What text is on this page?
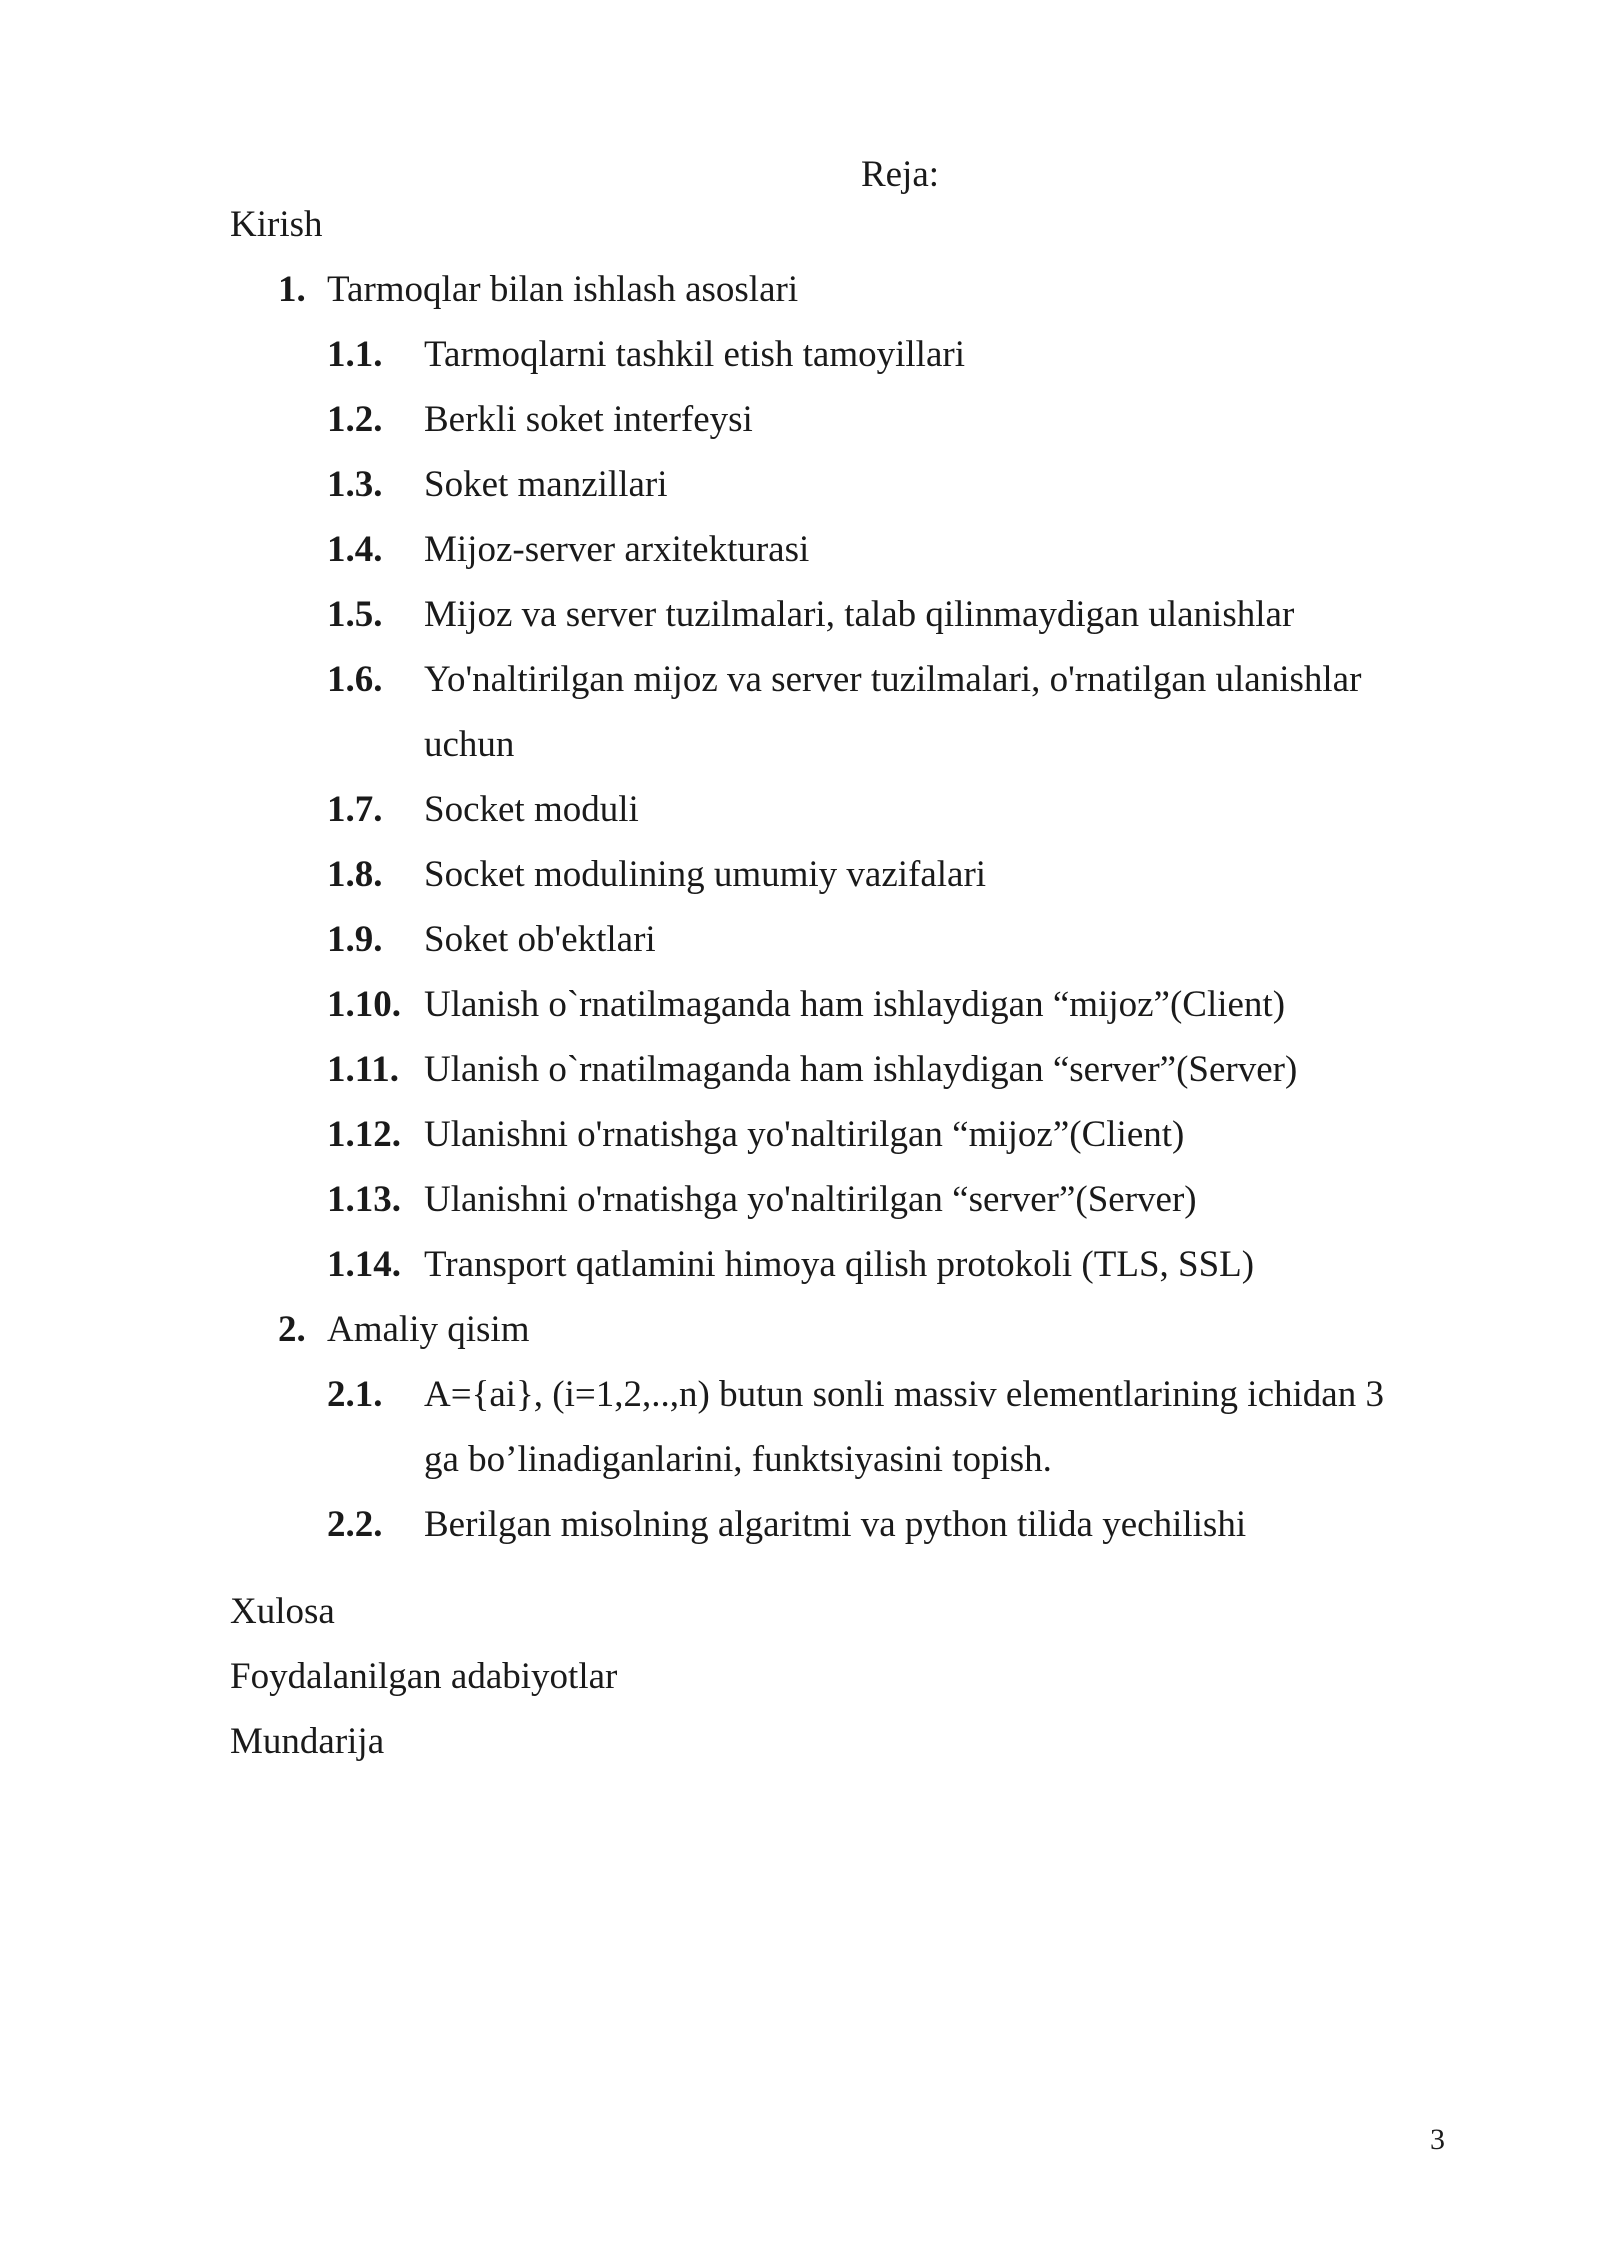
Reja:
Kirish
1. Tarmoqlar bilan ishlash asoslari
1.1. Tarmoqlarni tashkil etish tamoyillari
1.2. Berkli soket interfeysi
1.3. Soket manzillari
1.4. Mijoz-server arxitekturasi
1.5. Mijoz va server tuzilmalari, talab qilinmaydigan ulanishlar
1.6. Yo'naltirilgan mijoz va server tuzilmalari, o'rnatilgan ulanishlar
uchun
1.7. Socket moduli
1.8. Socket modulining umumiy vazifalari
1.9. Soket ob'ektlari
1.10. Ulanish o`rnatilmaganda ham ishlaydigan “mijoz”(Client)
1.11. Ulanish o`rnatilmaganda ham ishlaydigan “server”(Server)
1.12. Ulanishni o'rnatishga yo'naltirilgan “mijoz”(Client)
1.13. Ulanishni o'rnatishga yo'naltirilgan “server”(Server)
1.14. Transport qatlamini himoya qilish protokoli (TLS, SSL)
2. Amaliy qisim
2.1. A={ai}, (i=1,2,..,n) butun sonli massiv elementlarining ichidan 3
ga bo’linadiganlarini, funktsiyasini topish.
2.2. Berilgan misolning algaritmi va python tilida yechilishi
Xulosa
Foydalanilgan adabiyotlar
Mundarija
3
